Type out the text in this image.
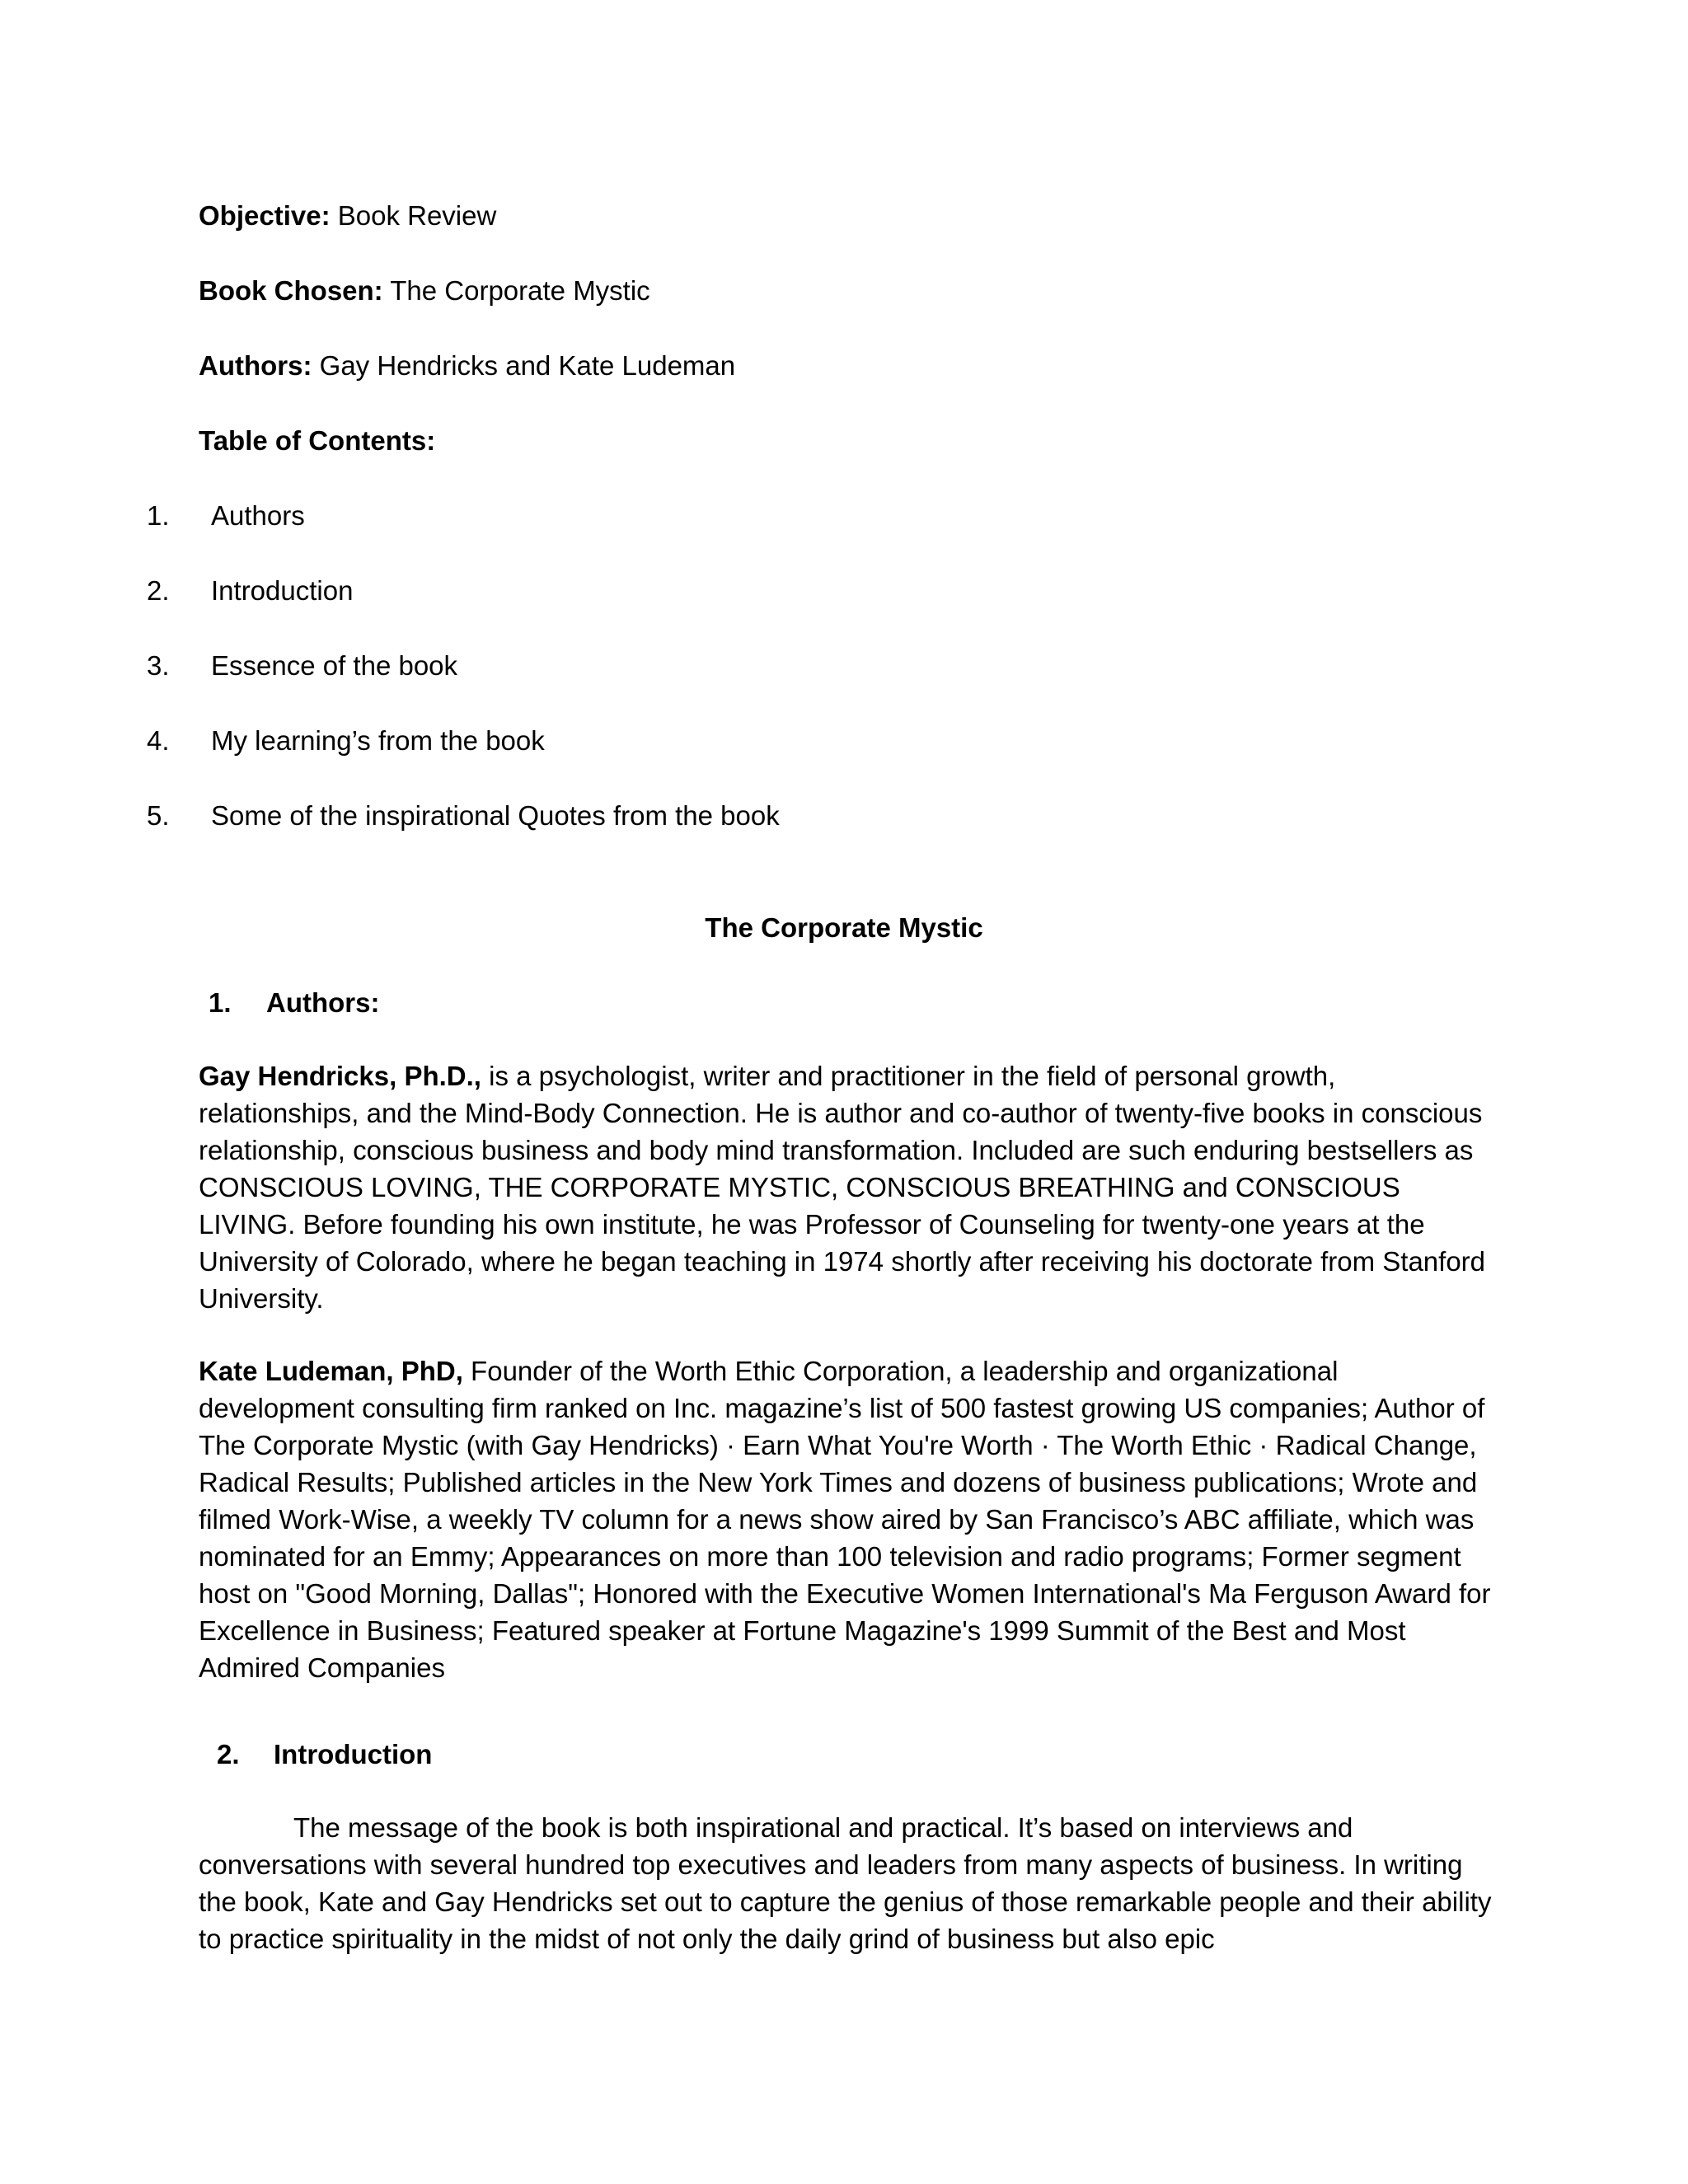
Objective: Book Review
Book Chosen: The Corporate Mystic
Authors: Gay Hendricks and Kate Ludeman
Table of Contents:
1. Authors
2. Introduction
3. Essence of the book
4. My learning’s from the book
5. Some of the inspirational Quotes from the book
The Corporate Mystic
1. Authors:
Gay Hendricks, Ph.D., is a psychologist, writer and practitioner in the field of personal growth, relationships, and the Mind-Body Connection. He is author and co-author of twenty-five books in conscious relationship, conscious business and body mind transformation. Included are such enduring bestsellers as CONSCIOUS LOVING, THE CORPORATE MYSTIC, CONSCIOUS BREATHING and CONSCIOUS LIVING. Before founding his own institute, he was Professor of Counseling for twenty-one years at the University of Colorado, where he began teaching in 1974 shortly after receiving his doctorate from Stanford University.
Kate Ludeman, PhD, Founder of the Worth Ethic Corporation, a leadership and organizational development consulting firm ranked on Inc. magazine’s list of 500 fastest growing US companies; Author of The Corporate Mystic (with Gay Hendricks) · Earn What You're Worth · The Worth Ethic · Radical Change, Radical Results; Published articles in the New York Times and dozens of business publications; Wrote and filmed Work-Wise, a weekly TV column for a news show aired by San Francisco’s ABC affiliate, which was nominated for an Emmy; Appearances on more than 100 television and radio programs; Former segment host on "Good Morning, Dallas"; Honored with the Executive Women International's Ma Ferguson Award for Excellence in Business; Featured speaker at Fortune Magazine's 1999 Summit of the Best and Most Admired Companies
2. Introduction
The message of the book is both inspirational and practical. It’s based on interviews and conversations with several hundred top executives and leaders from many aspects of business. In writing the book, Kate and Gay Hendricks set out to capture the genius of those remarkable people and their ability to practice spirituality in the midst of not only the daily grind of business but also epic
